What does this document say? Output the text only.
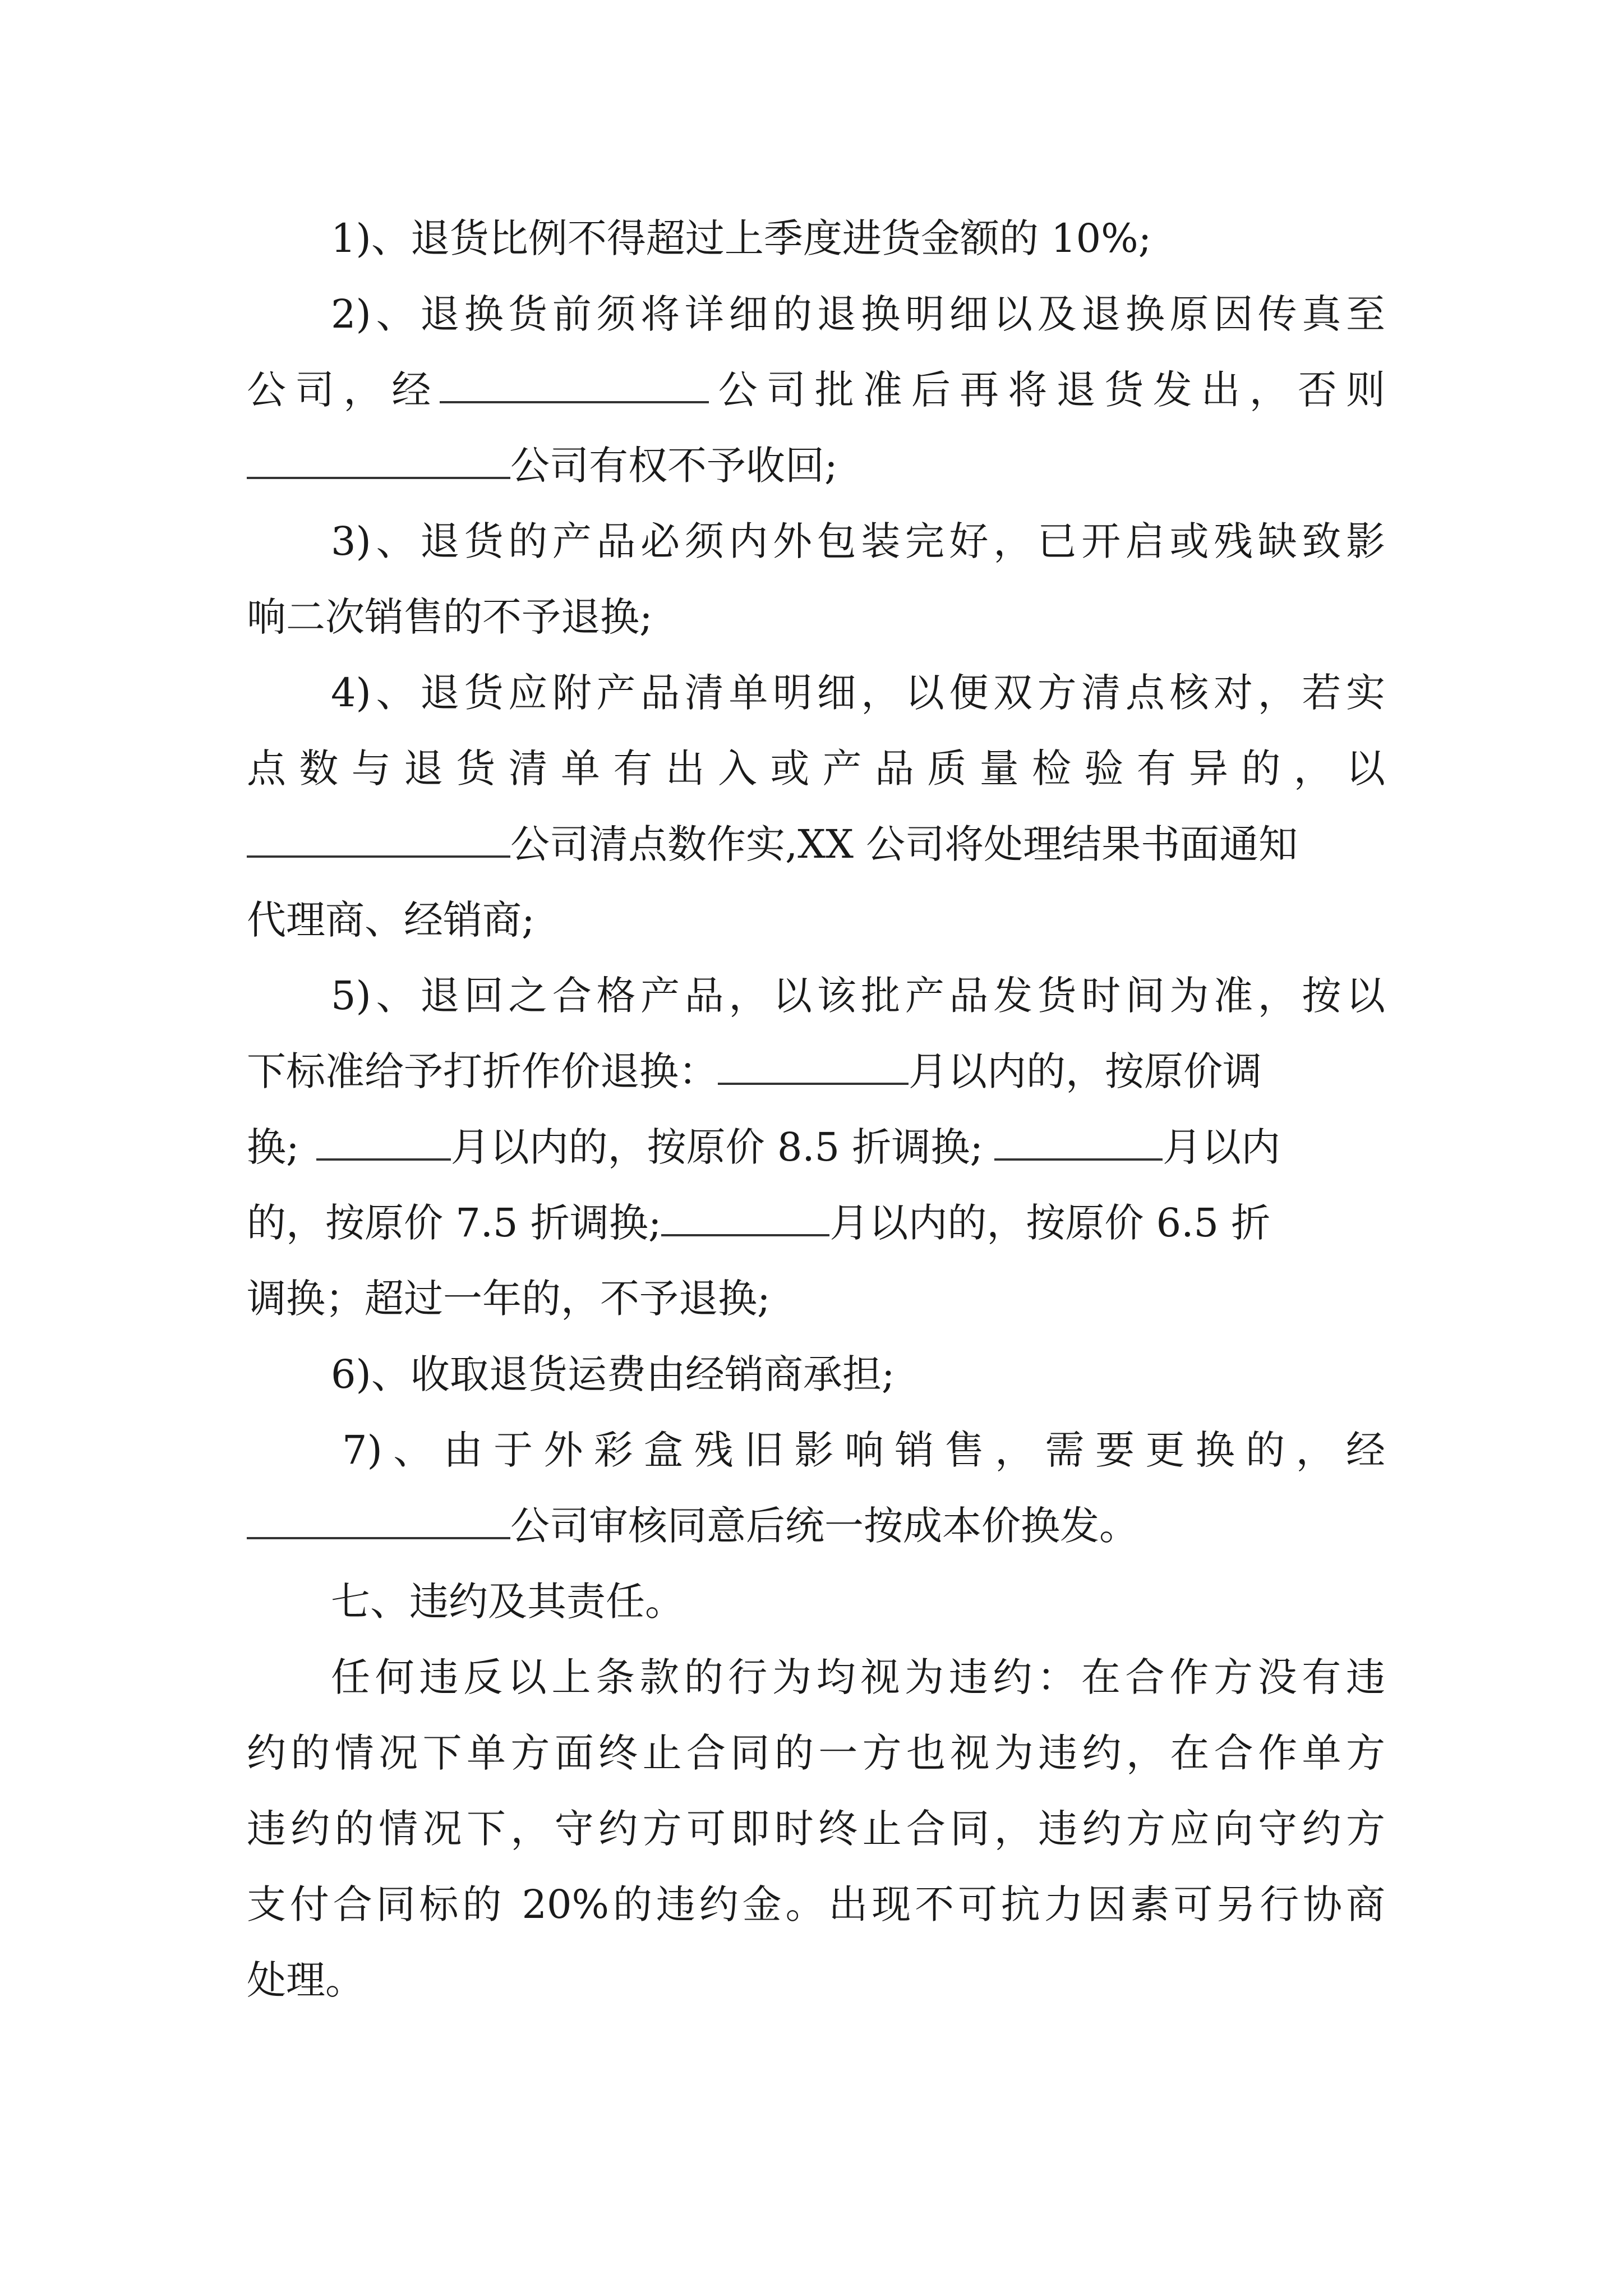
1)、退货比例不得超过上季度进货金额的 10%;
2)、退换货前须将详细的退换明细以及退换原因传真至
公司，经	公司批准后再将退货发出，否则
公司有权不予收回;
3)、退货的产品必须内外包装完好，已开启或残缺致影
响二次销售的不予退换;
4)、退货应附产品清单明细，以便双方清点核对，若实
点数与退货清单有出入或产品质量检验有异的，以
公司清点数作实,XX 公司将处理结果书面通知
代理商、经销商;
5)、退回之合格产品，以该批产品发货时间为准，按以
下标准给予打折作价退换：	月以内的，按原价调
换;	月以内的，按原价 8.5 折调换;	月以内
的，按原价 7.5 折调换;	月以内的，按原价 6.5 折
调换；超过一年的，不予退换;
6)、收取退货运费由经销商承担;
7)、由于外彩盒残旧影响销售，需要更换的，经
公司审核同意后统一按成本价换发。
七、违约及其责任。
任何违反以上条款的行为均视为违约：在合作方没有违
约的情况下单方面终止合同的一方也视为违约，在合作单方
违约的情况下，守约方可即时终止合同，违约方应向守约方
支付合同标的 20%的违约金。出现不可抗力因素可另行协商
处理。
